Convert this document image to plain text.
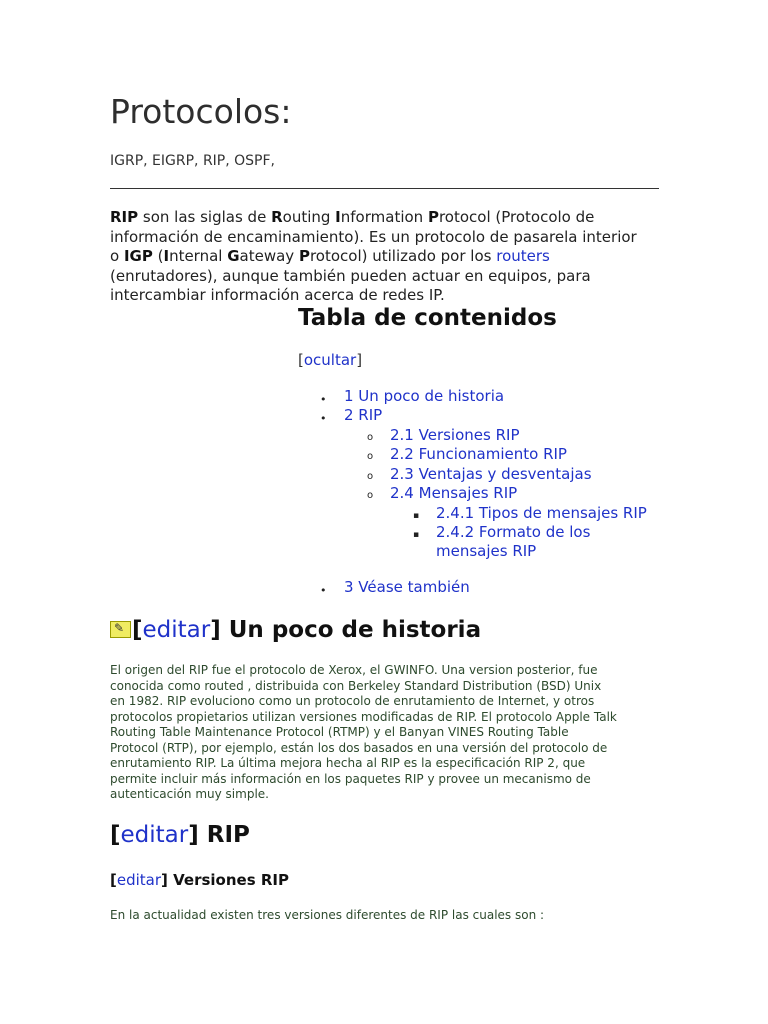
Protocolos:

IGRP, EIGRP, RIP, OSPF,

RIP son las siglas de Routing Information Protocol (Protocolo de
información de encaminamiento). Es un protocolo de pasarela interior
o IGP (Internal Gateway Protocol) utilizado por los routers
(enrutadores), aunque también pueden actuar en equipos, para
intercambiar información acerca de redes IP.

Tabla de contenidos
[ocultar]
• 1 Un poco de historia
• 2 RIP
o 2.1 Versiones RIP
o 2.2 Funcionamiento RIP
o 2.3 Ventajas y desventajas
o 2.4 Mensajes RIP
▪ 2.4.1 Tipos de mensajes RIP
▪ 2.4.2 Formato de los
mensajes RIP
• 3 Véase también
✎ [editar] Un poco de historia

El origen del RIP fue el protocolo de Xerox, el GWINFO. Una version posterior, fue
conocida como routed , distribuida con Berkeley Standard Distribution (BSD) Unix
en 1982. RIP evoluciono como un protocolo de enrutamiento de Internet, y otros
protocolos propietarios utilizan versiones modificadas de RIP. El protocolo Apple Talk
Routing Table Maintenance Protocol (RTMP) y el Banyan VINES Routing Table
Protocol (RTP), por ejemplo, están los dos basados en una versión del protocolo de
enrutamiento RIP. La última mejora hecha al RIP es la especificación RIP 2, que
permite incluir más información en los paquetes RIP y provee un mecanismo de
autenticación muy simple.

[editar] RIP
[editar] Versiones RIP

En la actualidad existen tres versiones diferentes de RIP las cuales son :
